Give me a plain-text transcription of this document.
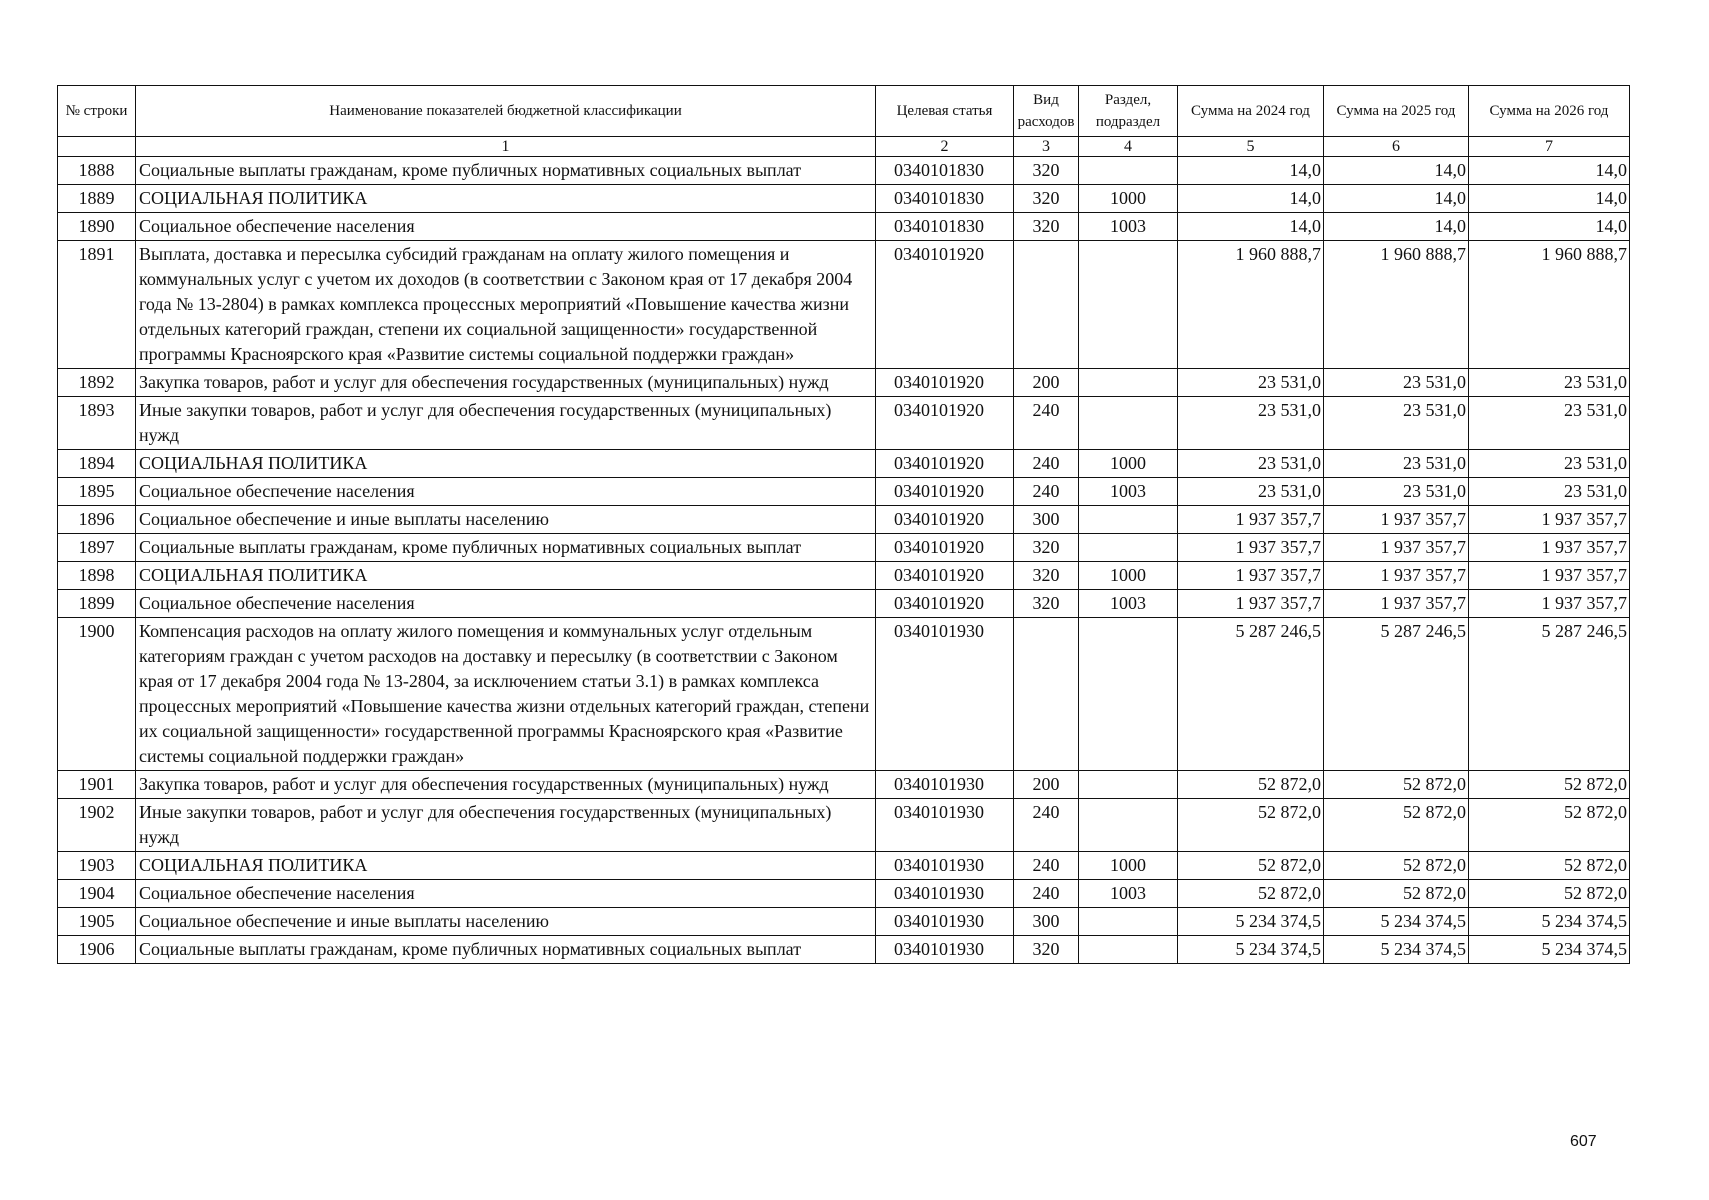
№ строки	Наименование показателей бюджетной классификации	Целевая статья	Вид расходов	Раздел, подраздел	Сумма на 2024 год	Сумма на 2025 год	Сумма на 2026 год
	1	2	3	4	5	6	7
1888	Социальные выплаты гражданам, кроме публичных нормативных социальных выплат	0340101830	320		14,0	14,0	14,0
1889	СОЦИАЛЬНАЯ ПОЛИТИКА	0340101830	320	1000	14,0	14,0	14,0
1890	Социальное обеспечение населения	0340101830	320	1003	14,0	14,0	14,0
1891	Выплата, доставка и пересылка субсидий гражданам на оплату жилого помещения и коммунальных услуг с учетом их доходов (в соответствии с Законом края от 17 декабря 2004 года № 13-2804) в рамках комплекса процессных мероприятий «Повышение качества жизни отдельных категорий граждан, степени их социальной защищенности» государственной программы Красноярского края «Развитие системы социальной поддержки граждан»	0340101920			1 960 888,7	1 960 888,7	1 960 888,7
1892	Закупка товаров, работ и услуг для обеспечения государственных (муниципальных) нужд	0340101920	200		23 531,0	23 531,0	23 531,0
1893	Иные закупки товаров, работ и услуг для обеспечения государственных (муниципальных) нужд	0340101920	240		23 531,0	23 531,0	23 531,0
1894	СОЦИАЛЬНАЯ ПОЛИТИКА	0340101920	240	1000	23 531,0	23 531,0	23 531,0
1895	Социальное обеспечение населения	0340101920	240	1003	23 531,0	23 531,0	23 531,0
1896	Социальное обеспечение и иные выплаты населению	0340101920	300		1 937 357,7	1 937 357,7	1 937 357,7
1897	Социальные выплаты гражданам, кроме публичных нормативных социальных выплат	0340101920	320		1 937 357,7	1 937 357,7	1 937 357,7
1898	СОЦИАЛЬНАЯ ПОЛИТИКА	0340101920	320	1000	1 937 357,7	1 937 357,7	1 937 357,7
1899	Социальное обеспечение населения	0340101920	320	1003	1 937 357,7	1 937 357,7	1 937 357,7
1900	Компенсация расходов на оплату жилого помещения и коммунальных услуг отдельным категориям граждан с учетом расходов на доставку и пересылку (в соответствии с Законом края от 17 декабря 2004 года № 13-2804, за исключением статьи 3.1) в рамках комплекса процессных мероприятий «Повышение качества жизни отдельных категорий граждан, степени их социальной защищенности» государственной программы Красноярского края «Развитие системы социальной поддержки граждан»	0340101930			5 287 246,5	5 287 246,5	5 287 246,5
1901	Закупка товаров, работ и услуг для обеспечения государственных (муниципальных) нужд	0340101930	200		52 872,0	52 872,0	52 872,0
1902	Иные закупки товаров, работ и услуг для обеспечения государственных (муниципальных) нужд	0340101930	240		52 872,0	52 872,0	52 872,0
1903	СОЦИАЛЬНАЯ ПОЛИТИКА	0340101930	240	1000	52 872,0	52 872,0	52 872,0
1904	Социальное обеспечение населения	0340101930	240	1003	52 872,0	52 872,0	52 872,0
1905	Социальное обеспечение и иные выплаты населению	0340101930	300		5 234 374,5	5 234 374,5	5 234 374,5
1906	Социальные выплаты гражданам, кроме публичных нормативных социальных выплат	0340101930	320		5 234 374,5	5 234 374,5	5 234 374,5
607
